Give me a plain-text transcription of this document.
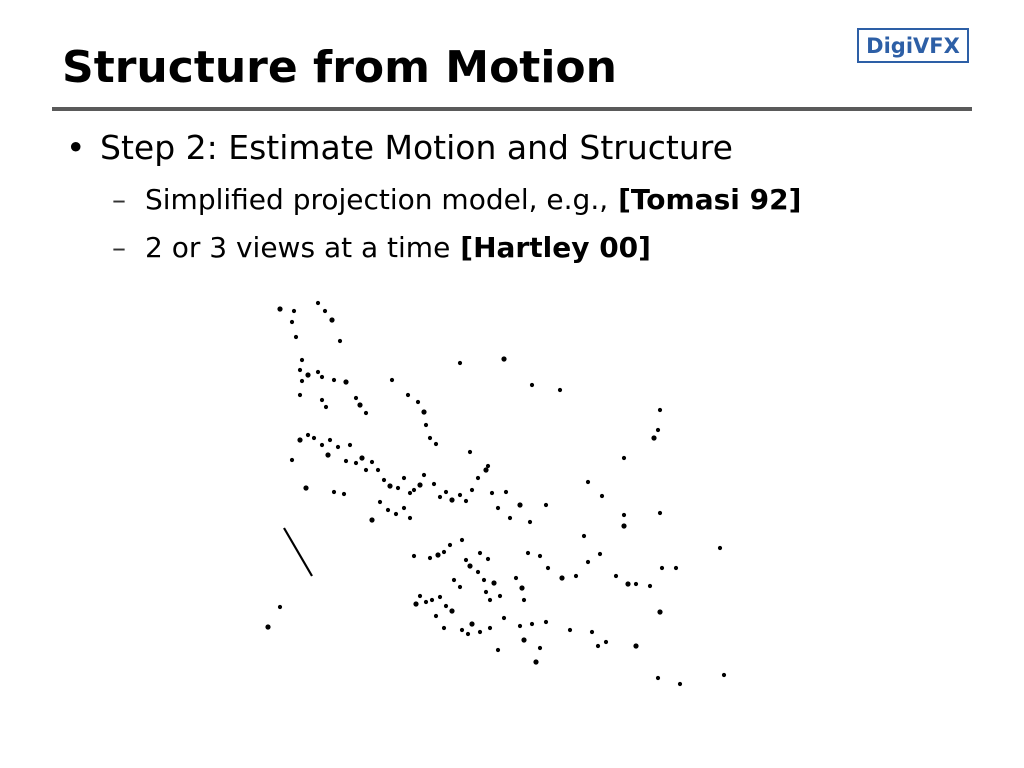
Structure from Motion	Digi VFX
• Step 2: Estimate Motion and Structure
– Simplified projection model, e.g., [Tomasi 92]
– 2 or 3 views at a time [Hartley 00]
